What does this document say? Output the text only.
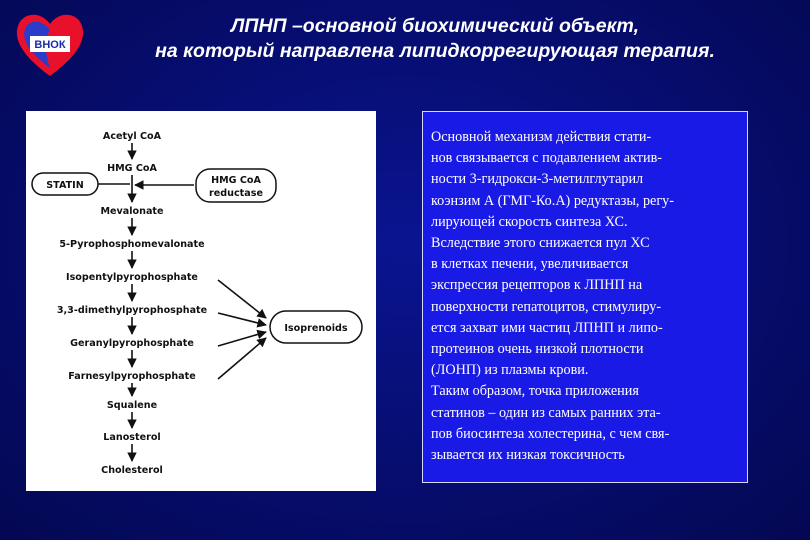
ВНОК
ЛПНП –основной биохимический объект,
на который направлена липидкоррегирующая терапия.
Acetyl CoA
HMG CoA
Mevalonate
5-Pyrophosphomevalonate
Isopentylpyrophosphate
3,3-dimethylpyrophosphate
Geranylpyrophosphate
Farnesylpyrophosphate
Squalene
Lanosterol
Cholesterol
STATIN	HMG CoA
reductase
Isoprenoids
Основной механизм действия стати-
нов связывается с подавлением актив-
ности 3-гидрокси-3-метилглутарил
коэнзим А (ГМГ-Ко.А) редуктазы, регу-
лирующей скорость синтеза ХС.
Вследствие этого снижается пул ХС
в клетках печени, увеличивается
экспрессия рецепторов к ЛПНП на
поверхности гепатоцитов, стимулиру-
ется захват ими частиц ЛПНП и липо-
протеинов очень низкой плотности
(ЛОНП) из плазмы крови.
Таким образом, точка приложения
статинов – один из самых ранних эта-
пов биосинтеза холестерина, с чем свя-
зывается их низкая токсичность
